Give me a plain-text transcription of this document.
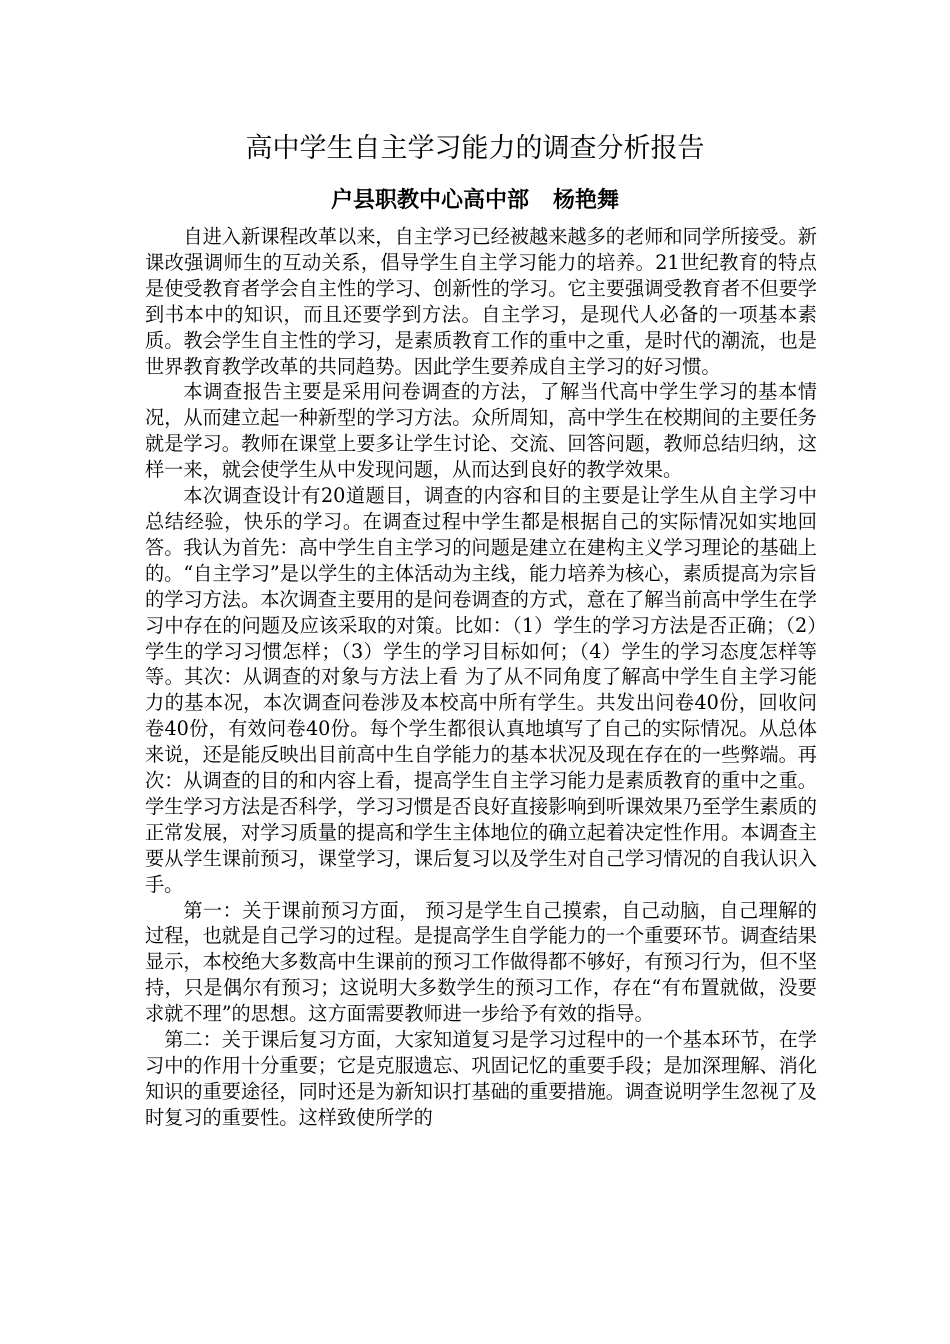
高中学生自主学习能力的调查分析报告
户县职教中心高中部 杨艳舞

自进入新课程改革以来，自主学习已经被越来越多的老师和同学所接受。新课改强调师生的互动关系，倡导学生自主学习能力的培养。21世纪教育的特点是使受教育者学会自主性的学习、创新性的学习。它主要强调受教育者不但要学到书本中的知识，而且还要学到方法。自主学习，是现代人必备的一项基本素质。教会学生自主性的学习，是素质教育工作的重中之重，是时代的潮流，也是世界教育教学改革的共同趋势。因此学生要养成自主学习的好习惯。

本调查报告主要是采用问卷调查的方法，了解当代高中学生学习的基本情况，从而建立起一种新型的学习方法。众所周知，高中学生在校期间的主要任务就是学习。教师在课堂上要多让学生讨论、交流、回答问题，教师总结归纳，这样一来，就会使学生从中发现问题，从而达到良好的教学效果。

本次调查设计有20道题目，调查的内容和目的主要是让学生从自主学习中总结经验，快乐的学习。在调查过程中学生都是根据自己的实际情况如实地回答。我认为首先：高中学生自主学习的问题是建立在建构主义学习理论的基础上的。“自主学习”是以学生的主体活动为主线，能力培养为核心，素质提高为宗旨的学习方法。本次调查主要用的是问卷调查的方式，意在了解当前高中学生在学习中存在的问题及应该采取的对策。比如：（1）学生的学习方法是否正确；（2）学生的学习习惯怎样；（3）学生的学习目标如何；（4）学生的学习态度怎样等等。其次：从调查的对象与方法上看 为了从不同角度了解高中学生自主学习能力的基本况，本次调查问卷涉及本校高中所有学生。共发出问卷40份，回收问卷40份，有效问卷40份。每个学生都很认真地填写了自己的实际情况。从总体来说，还是能反映出目前高中生自学能力的基本状况及现在存在的一些弊端。再次：从调查的目的和内容上看，提高学生自主学习能力是素质教育的重中之重。学生学习方法是否科学，学习习惯是否良好直接影响到听课效果乃至学生素质的正常发展，对学习质量的提高和学生主体地位的确立起着决定性作用。本调查主要从学生课前预习，课堂学习，课后复习以及学生对自己学习情况的自我认识入手。

第一：关于课前预习方面， 预习是学生自己摸索，自己动脑，自己理解的过程，也就是自己学习的过程。是提高学生自学能力的一个重要环节。调查结果显示，本校绝大多数高中生课前的预习工作做得都不够好，有预习行为，但不坚持，只是偶尔有预习；这说明大多数学生的预习工作，存在“有布置就做，没要求就不理”的思想。这方面需要教师进一步给予有效的指导。

第二：关于课后复习方面，大家知道复习是学习过程中的一个基本环节，在学习中的作用十分重要；它是克服遗忘、巩固记忆的重要手段；是加深理解、消化知识的重要途径，同时还是为新知识打基础的重要措施。调查说明学生忽视了及时复习的重要性。这样致使所学的
